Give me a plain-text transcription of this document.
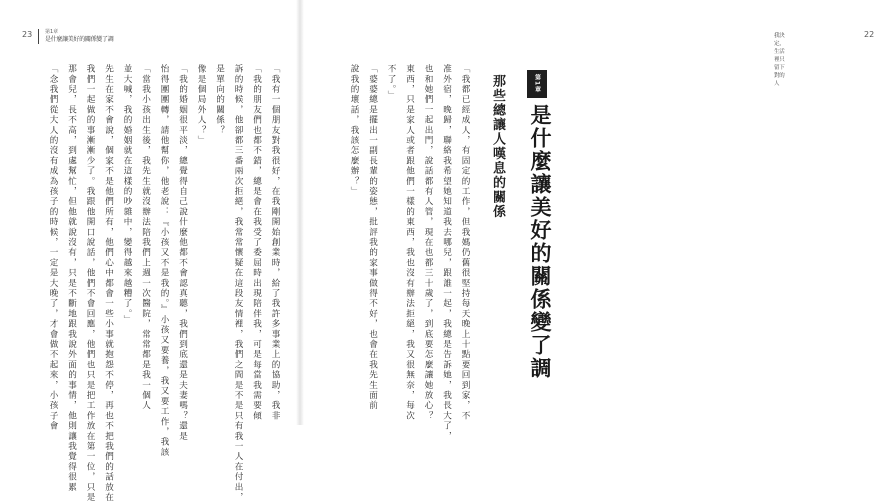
23	第1章
是什麼讓美好的關係變了調
「我有一個朋友對我很好，在我剛開始創業時，給了我許多事業上的協助，我非
「我的朋友們也都不錯，總是會在我受了委屈時出現陪伴我，可是每當我需要傾
訴的時候，他卻都三番兩次拒絕，我常常懷疑在這段友情裡，我們之間是不是只有我一人在付出，
是單向的關係？
像是個局外人？」
「我的婚姻很平淡，總覺得自己說什麼他都不會認真聽，我們到底還是夫妻嗎？還是
怡得團團轉，請他幫你，他老說：『小孩又不是我的。』小孩又要養，我又要工作，我該
「當我小孩出生後，我先生就沒辦法陪我們上週一次醫院，常常都是我一個人
並大喊，我的婚姻就在這樣的吵雜中，變得越來越糟了。」
先生在家不會說，個家不是他們所有，他們心中都會一些小事就抱怨不停，再也不把我們的話放在
我們一起做的事漸漸少了。我跟他開口說話，他們不會回應，他們也只是把工作放在第一位，只是
那會兒，長不高，到處幫忙，但他就說沒有，只是不斷地跟我說外面的事情，他則讓我覺得很累
「念我們從大人的沒有成為孩子的時候，一定是大晚了，才會做不起來，小孩子會
我決定，生活裡只留下對的人
22
第1章
是什麼讓美好的關係變了調
那些總讓人嘆息的關係
「我都已經成人，有固定的工作，但我媽仍舊很堅持每天晚上十點要回到家，不
准外宿，晚歸，聯絡我希望她知道我去哪兒，跟誰一起，我總是告訴她，我長大了，
也和她們一起出門，說話都有人管，現在也都三十歲了，到底要怎麼讓她放心？
東西，只是家人或者跟他們一樣的東西，我也沒有辦法拒絕，我又很無奈，每次
不了。」
「婆婆總是擺出一副長輩的姿態，批評我的家事做得不好，也會在我先生面前
說我的壞話，我該怎麼辦？」
